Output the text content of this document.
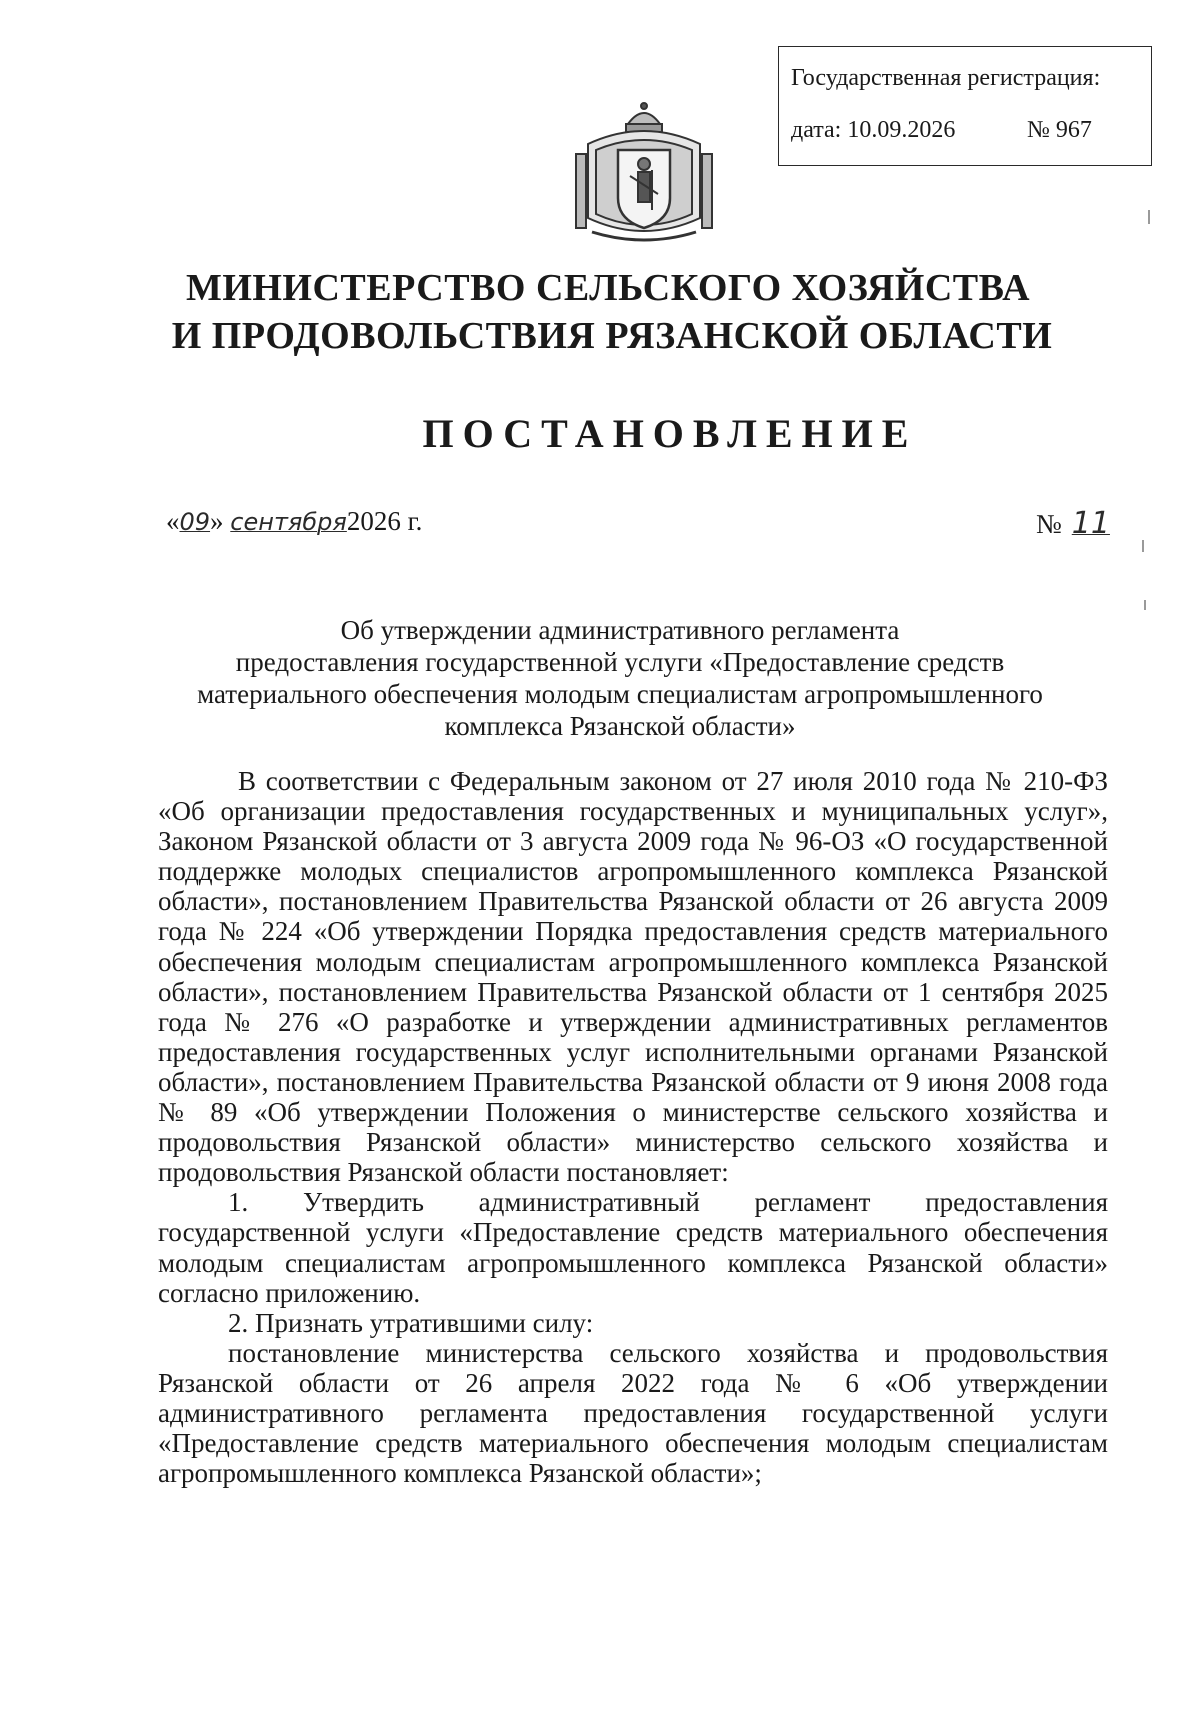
Государственная регистрация:
дата: 10.09.2026	№ 967
МИНИСТЕРСТВО СЕЛЬСКОГО ХОЗЯЙСТВА
И ПРОДОВОЛЬСТВИЯ РЯЗАНСКОЙ ОБЛАСТИ
ПОСТАНОВЛЕНИЕ
«09» сентября2026 г.	№ 11
Об утверждении административного регламента
предоставления государственной услуги «Предоставление средств
материального обеспечения молодым специалистам агропромышленного
комплекса Рязанской области»

В соответствии с Федеральным законом от 27 июля 2010 года № 210-ФЗ «Об организации предоставления государственных и муниципальных услуг», Законом Рязанской области от 3 августа 2009 года № 96-ОЗ «О государственной поддержке молодых специалистов агропромышленного комплекса Рязанской области», постановлением Правительства Рязанской области от 26 августа 2009 года № 224 «Об утверждении Порядка предоставления средств материального обеспечения молодым специалистам агропромышленного комплекса Рязанской области», постановлением Правительства Рязанской области от 1 сентября 2025 года № 276 «О разработке и утверждении административных регламентов предоставления государственных услуг исполнительными органами Рязанской области», постановлением Правительства Рязанской области от 9 июня 2008 года № 89 «Об утверждении Положения о министерстве сельского хозяйства и продовольствия Рязанской области» министерство сельского хозяйства и продовольствия Рязанской области постановляет:

1. Утвердить административный регламент предоставления государственной услуги «Предоставление средств материального обеспечения молодым специалистам агропромышленного комплекса Рязанской области» согласно приложению.

2. Признать утратившими силу:

постановление министерства сельского хозяйства и продовольствия Рязанской области от 26 апреля 2022 года № 6 «Об утверждении административного регламента предоставления государственной услуги «Предоставление средств материального обеспечения молодым специалистам агропромышленного комплекса Рязанской области»;
